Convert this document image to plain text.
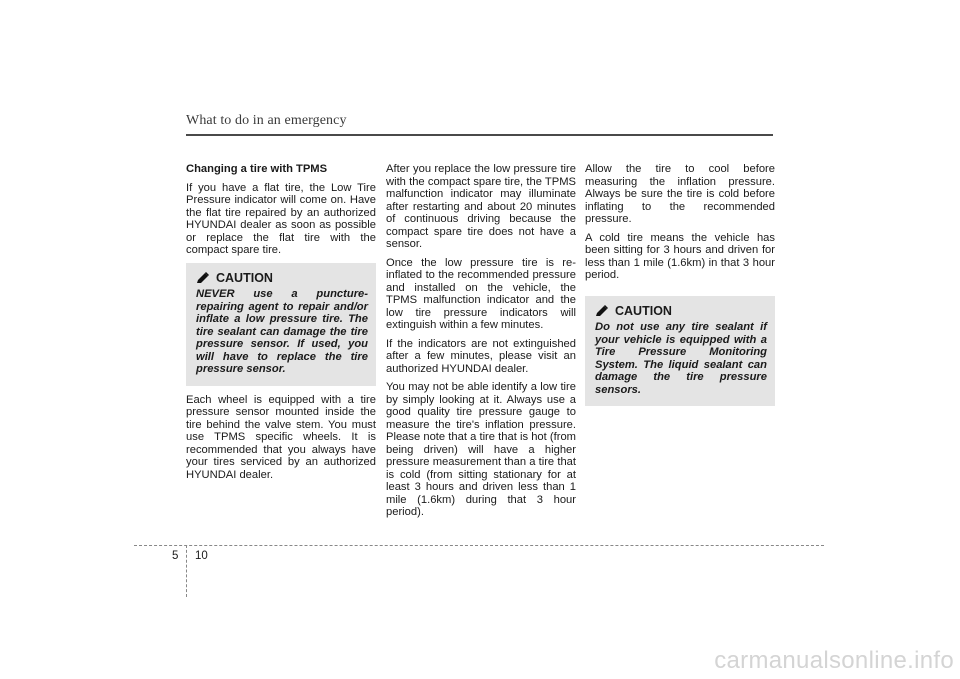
What to do in an emergency
Changing a tire with TPMS

If you have a flat tire, the Low Tire Pressure indicator will come on. Have the flat tire repaired by an authorized HYUNDAI dealer as soon as possible or replace the flat tire with the compact spare tire.

CAUTION
NEVER use a puncture-repairing agent to repair and/or inflate a low pressure tire. The tire sealant can damage the tire pressure sensor. If used, you will have to replace the tire pressure sensor.

Each wheel is equipped with a tire pressure sensor mounted inside the tire behind the valve stem. You must use TPMS specific wheels. It is recommended that you always have your tires serviced by an authorized HYUNDAI dealer.

After you replace the low pressure tire with the compact spare tire, the TPMS malfunction indicator may illuminate after restarting and about 20 minutes of continuous driving because the compact spare tire does not have a sensor.

Once the low pressure tire is re-inflated to the recommended pressure and installed on the vehicle, the TPMS malfunction indicator and the low tire pressure indicators will extinguish within a few minutes.

If the indicators are not extinguished after a few minutes, please visit an authorized HYUNDAI dealer.

You may not be able identify a low tire by simply looking at it. Always use a good quality tire pressure gauge to measure the tire's inflation pressure. Please note that a tire that is hot (from being driven) will have a higher pressure measurement than a tire that is cold (from sitting stationary for at least 3 hours and driven less than 1 mile (1.6km) during that 3 hour period).

Allow the tire to cool before measuring the inflation pressure. Always be sure the tire is cold before inflating to the recommended pressure.

A cold tire means the vehicle has been sitting for 3 hours and driven for less than 1 mile (1.6km) in that 3 hour period.

CAUTION
Do not use any tire sealant if your vehicle is equipped with a Tire Pressure Monitoring System. The liquid sealant can damage the tire pressure sensors.
5 10
carmanualsonline.info
